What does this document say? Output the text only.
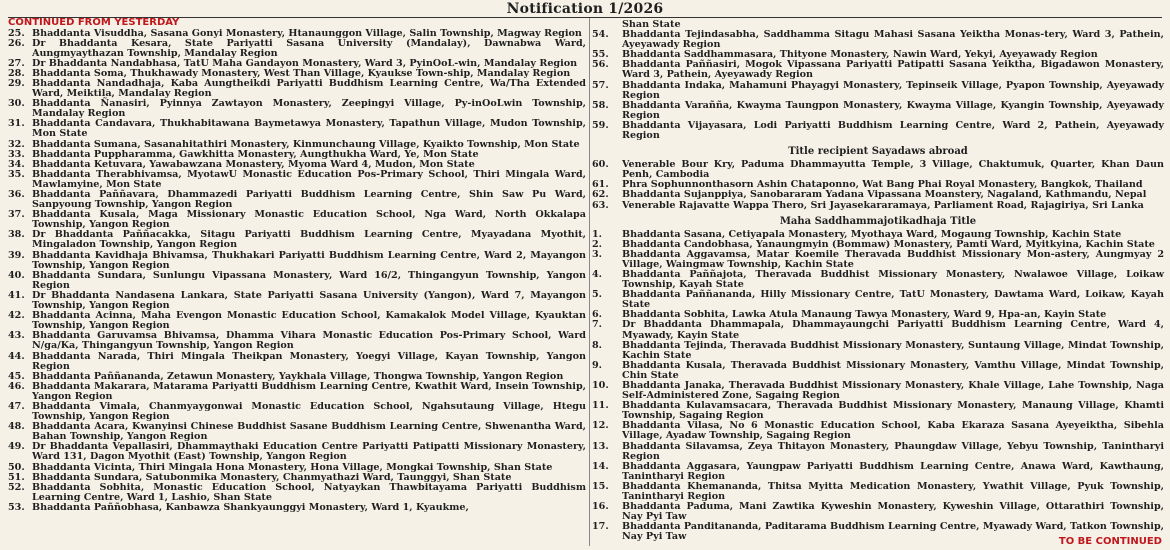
Notification 1/2026
CONTINUED FROM YESTERDAY
25. Bhaddanta Visuddha, Sasana Gonyi Monastery, Htanaunggon Village, Salin Township, Magway Region
26. Dr Bhaddanta Kesara, State Pariyatti Sasana University (Mandalay), Dawnabwa Ward, Aungmyaythazan Township, Mandalay Region
27. Dr Bhaddanta Nandabhasa, TatU Maha Gandayon Monastery, Ward 3, PyinOoL-win, Mandalay Region
28. Bhaddanta Soma, Thukhawady Monastery, West Than Village, Kyaukse Town-ship, Mandalay Region
29. Bhaddanta Nandadhaja, Kaba Aungtheikdi Pariyatti Buddhism Learning Centre, Wa/Tha Extended Ward, Meiktila, Mandalay Region
30. Bhaddanta Ñanasiri, Pyinnya Zawtayon Monastery, Zeepingyi Village, Py-inOoLwin Township, Mandalay Region
31. Bhaddanta Candavara, Thukhabitawana Baymetawya Monastery, Tapathun Village, Mudon Township, Mon State
32. Bhaddanta Sumana, Sasanahitathiri Monastery, Kinmunchaung Village, Kyaikto Township, Mon State
33. Bhaddanta Puppharamma, Gawkhitta Monastery, Aungthukha Ward, Ye, Mon State
34. Bhaddanta Ketuvara, Yawabawzana Monastery, Myoma Ward 4, Mudon, Mon State
35. Bhaddanta Therabhivamsa, MyotawU Monastic Education Pos-Primary School, Thiri Mingala Ward, Mawlamyine, Mon State
36. Bhaddanta Paññavara, Dhammazedi Pariyatti Buddhism Learning Centre, Shin Saw Pu Ward, Sanpyoung Township, Yangon Region
37. Bhaddanta Kusala, Maga Missionary Monastic Education School, Nga Ward, North Okkalapa Township, Yangon Region
38. Dr Bhaddanta Paññacakka, Sitagu Pariyatti Buddhism Learning Centre, Myayadana Myothit, Mingaladon Township, Yangon Region
39. Bhaddanta Kavidhaja Bhivamsa, Thukhakari Pariyatti Buddhism Learning Centre, Ward 2, Mayangon Township, Yangon Region
40. Bhaddanta Sundara, Sunlungu Vipassana Monastery, Ward 16/2, Thingangyun Township, Yangon Region
41. Dr Bhaddanta Nandasena Lankara, State Pariyatti Sasana University (Yangon), Ward 7, Mayangon Township, Yangon Region
42. Bhaddanta Acinna, Maha Evengon Monastic Education School, Kamakalok Model Village, Kyauktan Township, Yangon Region
43. Bhaddanta Garuvamsa Bhivamsa, Dhamma Vihara Monastic Education Pos-Primary School, Ward N/ga/Ka, Thingangyun Township, Yangon Region
44. Bhaddanta Narada, Thiri Mingala Theikpan Monastery, Yoegyi Village, Kayan Township, Yangon Region
45. Bhaddanta Paññananda, Zetawun Monastery, Yaykhala Village, Thongwa Township, Yangon Region
46. Bhaddanta Makarara, Matarama Pariyatti Buddhism Learning Centre, Kwathit Ward, Insein Township, Yangon Region
47. Bhaddanta Vimala, Chanmyaygonwai Monastic Education School, Ngahsutaung Village, Htegu Township, Yangon Region
48. Bhaddanta Acara, Kwanyinsi Chinese Buddhist Sasane Buddhism Learning Centre, Shwenantha Ward, Bahan Township, Yangon Region
49. Dr Bhaddanta Vepallasiri, Dhammaythaki Education Centre Pariyatti Patipatti Missionary Monastery, Ward 131, Dagon Myothit (East) Township, Yangon Region
50. Bhaddanta Vicinta, Thiri Mingala Hona Monastery, Hona Village, Mongkai Township, Shan State
51. Bhaddanta Sundara, Satubonmika Monastery, Chanmyathazi Ward, Taunggyi, Shan State
52. Bhaddanta Sobhita, Monastic Education School, Natyaykan Thawbitayama Pariyatti Buddhism Learning Centre, Ward 1, Lashio, Shan State
53. Bhaddanta Paññobhasa, Kanbawza Shankyaunggyi Monastery, Ward 1, Kyaukme,
Shan State
54.	Bhaddanta Tejindasabha, Saddhamma Sitagu Mahasi Sasana Yeiktha Monas-tery, Ward 3, Pathein, Ayeyawady Region
55.	Bhaddanta Saddhammasara, Thityone Monastery, Nawin Ward, Yekyi, Ayeyawady Region
56.	Bhaddanta Paññasiri, Mogok Vipassana Pariyatti Patipatti Sasana Yeiktha, Bigadawon Monastery, Ward 3, Pathein, Ayeyawady Region
57.	Bhaddanta Indaka, Mahamuni Phayagyi Monastery, Tepinseik Village, Pyapon Township, Ayeyawady Region
58.	Bhaddanta Varañña, Kwayma Taungpon Monastery, Kwayma Village, Kyangin Township, Ayeyawady Region
59.	Bhaddanta Vijayasara, Lodi Pariyatti Buddhism Learning Centre, Ward 2, Pathein, Ayeyawady Region
Title recipient Sayadaws abroad
60.	Venerable Bour Kry, Paduma Dhammayutta Temple, 3 Village, Chaktumuk, Quarter, Khan Daun Penh, Cambodia
61.	Phra Sophunnonthasorn Ashin Chataponno, Wat Bang Phai Royal Monastery, Bangkok, Thailand
62.	Bhaddanta Sujanppiya, Sanobararam Yadana Vipassana Moanstery, Nagaland, Kathmandu, Nepal
63.	Venerable Rajavatte Wappa Thero, Sri Jayasekararamaya, Parliament Road, Rajagiriya, Sri Lanka
Maha Saddhammajotikadhaja Title
1.	Bhaddanta Sasana, Cetiyapala Monastery, Myothaya Ward, Mogaung Township, Kachin State
2.	Bhaddanta Candobhasa, Yanaungmyin (Bommaw) Monastery, Pamti Ward, Myitkyina, Kachin State
3.	Bhaddanta Aggavamsa, Matar Koemile Theravada Buddhist Missionary Mon-astery, Aungmyay 2 Village, Waingmaw Township, Kachin State
4.	Bhaddanta Paññajota, Theravada Buddhist Missionary Monastery, Nwalawoe Village, Loikaw Township, Kayah State
5.	Bhaddanta Paññananda, Hilly Missionary Centre, TatU Monastery, Dawtama Ward, Loikaw, Kayah State
6.	Bhaddanta Sobhita, Lawka Atula Manaung Tawya Monastery, Ward 9, Hpa-an, Kayin State
7.	Dr Bhaddanta Dhammapala, Dhammayaungchi Pariyatti Buddhism Learning Centre, Ward 4, Myawady, Kayin State
8.	Bhaddanta Tejinda, Theravada Buddhist Missionary Monastery, Suntaung Village, Mindat Township, Kachin State
9.	Bhaddanta Kusala, Theravada Buddhist Missionary Monastery, Vamthu Village, Mindat Township, Chin State
10.	Bhaddanta Janaka, Theravada Buddhist Missionary Monastery, Khale Village, Lahe Township, Naga Self-Administered Zone, Sagaing Region
11.	Bhaddanta Kulavamsacara, Theravada Buddhist Missionary Monastery, Manaung Village, Khamti Township, Sagaing Region
12.	Bhaddanta Vilasa, No 6 Monastic Education School, Kaba Ekaraza Sasana Ayeyeiktha, Sibehla Village, Ayadaw Township, Sagaing Region
13.	Bhaddanta Silavamsa, Zeya Thitayon Monastery, Phaungdaw Village, Yebyu Township, Tanintharyi Region
14.	Bhaddanta Aggasara, Yaungpaw Pariyatti Buddhism Learning Centre, Anawa Ward, Kawthaung, Tanintharyi Region
15.	Bhaddanta Khemananda, Thitsa Myitta Medication Monastery, Ywathit Village, Pyuk Township, Tanintharyi Region
16.	Bhaddanta Paduma, Mani Zawtika Kyweshin Monastery, Kyweshin Village, Ottarathiri Township, Nay Pyi Taw
17.	Bhaddanta Panditananda, Paditarama Buddhism Learning Centre, Myawady Ward, Tatkon Township, Nay Pyi Taw	TO BE CONTINUED
